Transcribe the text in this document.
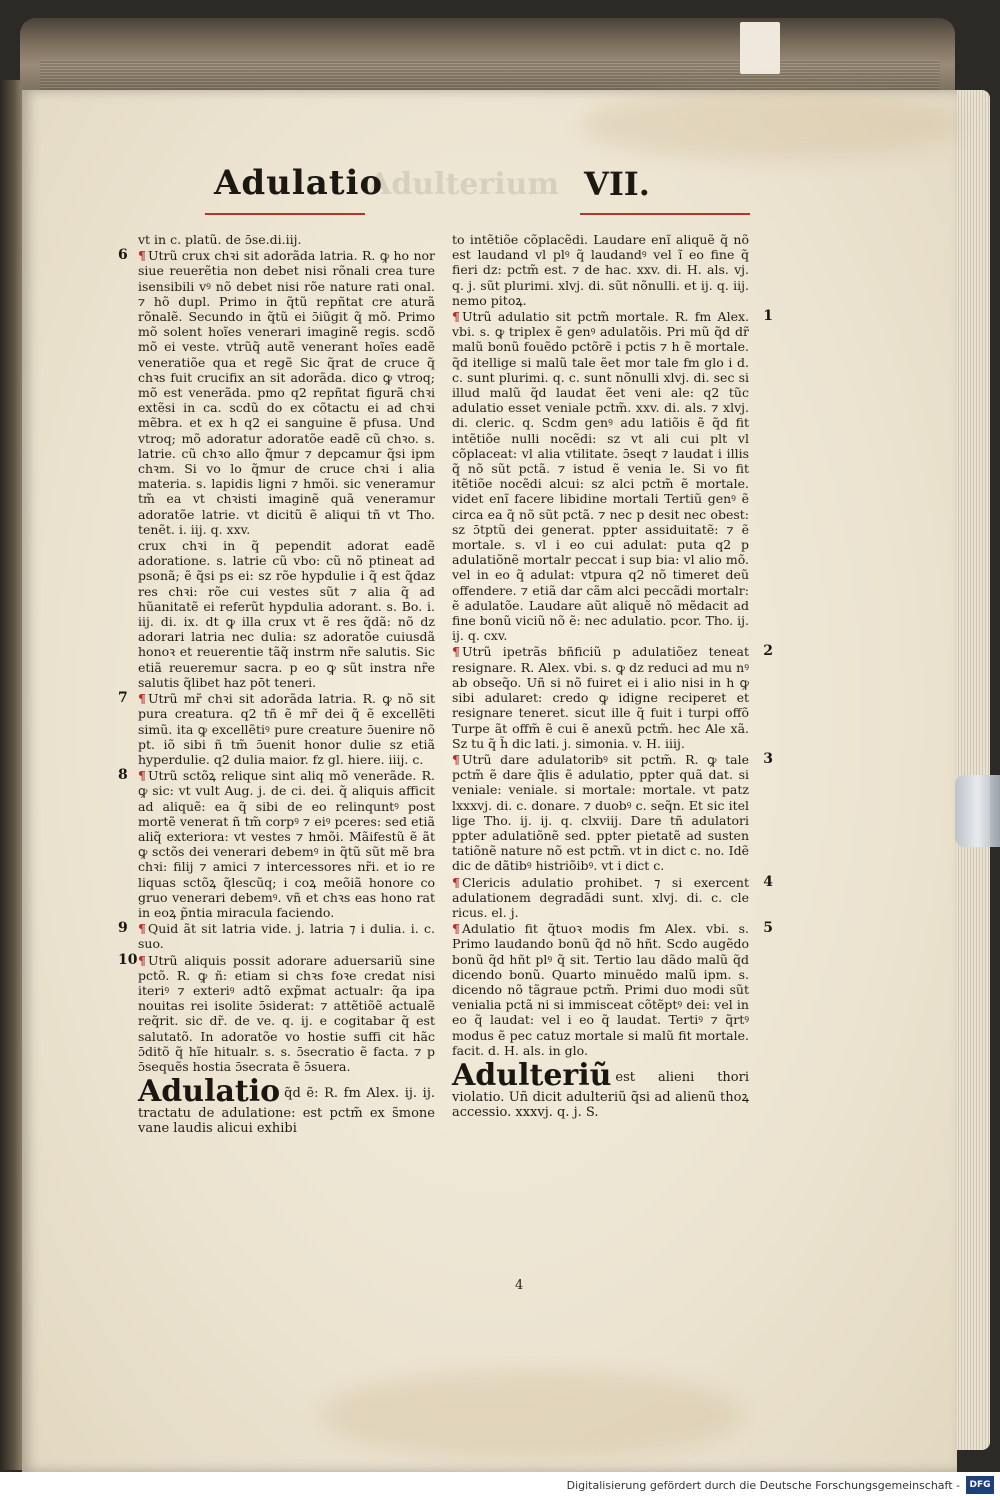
Adulatio
Adulterium VII.

vt in c. platũ. de ɔ̄se.di.iij.

6 ¶ Utrũ crux chꝛi sit adorãda latria. R. ꝙ ho nor siue reuerẽtia non debet nisi rõnali crea ture isensibili vꝰ nõ debet nisi rõe nature rati onal. ⁊ hõ dupl. Primo in q̃tũ repñtat cre aturã rõnalẽ. Secundo in q̃tũ ei ɔ̄iũgit q̃ mõ. Primo mõ solent hoĩes venerari imaginẽ regis. scdõ mõ ei veste. vtrũq̃ autẽ venerant hoĩes eadẽ veneratiõe qua et regẽ Sic q̃rat de cruce q̃ chꝛs fuit crucifix an sit adorãda. dico ꝙ vtroq; mõ est venerãda. pmo q2 repñtat figurã chꝛi extẽsi in ca. scdũ do ex cõtactu ei ad chꝛi mẽbra. et ex h q2 ei sanguine ẽ pfusa. Und vtroq; mõ adoratur adoratõe eadẽ cũ chꝛo. s. latrie. cũ chꝛo allo q̃mur ⁊ depcamur q̃si ipm chꝛm. Si vo lo q̃mur de cruce chꝛi i alia materia. s. lapidis ligni ⁊ hmõi. sic veneramur tm̃ ea vt chꝛisti imaginẽ quã veneramur adoratõe latrie. vt dicitũ ẽ aliqui tñ vt Tho. tenẽt. i. iij. q. xxv.

crux chꝛi in q̃ pependit adorat eadẽ adoratione. s. latrie cũ vbo: cũ nõ ptineat ad psonã; ẽ q̃si ps ei: sz rõe hypdulie i q̃ est q̃daz res chꝛi: rõe cui vestes sũt ⁊ alia q̃ ad hũanitatẽ ei referũt hypdulia adorant. s. Bo. i. iij. di. ix. dt ꝙ illa crux vt ẽ res q̃dã: nõ dz adorari latria nec dulia: sz adoratõe cuiusdã honoꝛ et reuerentie tãq̃ instrm nr̃e salutis. Sic etiã reueremur sacra. p eo ꝙ sũt instra nr̃e salutis q̃libet haz pōt teneri.

7 ¶ Utrũ mr̃ chꝛi sit adorãda latria. R. ꝙ nõ sit pura creatura. q2 tñ ẽ mr̃ dei q̃ ẽ excellẽti simũ. ita ꝙ excellẽtiꝰ pure creature ɔ̄uenire nõ pt. iõ sibi ñ tm̃ ɔ̄uenit honor dulie sz etiã hyperdulie. q2 dulia maior. fz gl. hiere. iiij. c.

8 ¶ Utrũ sctõꝝ relique sint aliq mõ venerãde. R. ꝙ sic: vt vult Aug. j. de ci. dei. q̃ aliquis afficit ad aliquẽ: ea q̃ sibi de eo relinquntꝰ post mortẽ venerat ñ tm̃ corpꝰ ⁊ eiꝰ pceres: sed etiã aliq̃ exteriora: vt vestes ⁊ hmõi. Mãifestũ ẽ ãt ꝙ sctõs dei venerari debemꝰ in q̃tũ sũt mẽ bra chꝛi: filij ⁊ amici ⁊ intercessores nr̃i. et io re liquas sctõꝝ q̃lescũq; i coꝝ meõiã honore co gruo venerari debemꝰ. vñ et chꝛs eas hono rat in eoꝝ p̃ntia miracula faciendo.

9 ¶ Quid ãt sit latria vide. j. latria ⁊ i dulia. i. c. suo.

10 ¶ Utrũ aliquis possit adorare aduersariũ sine pctõ. R. ꝙ ñ: etiam si chꝛs foꝛe credat nisi iteriꝰ ⁊ exteriꝰ adtõ exp̃mat actualr: q̃a ipa nouitas rei isolite ɔ̄siderat: ⁊ attẽtiõẽ actualẽ req̃rit. sic dr̃. de ve. q. ij. e cogitabar q̃ est salutatõ. In adoratõe vo hostie suffi cit hãc ɔ̄ditõ q̃ hĩe hitualr. s. s. ɔ̄secratio ẽ facta. ⁊ p ɔ̄sequẽs hostia ɔ̄secrata ẽ ɔ̄suera.

Adulatio q̃d ẽ: R. fm Alex. ij. ij. tractatu de adulatione: est pctm̃ ex s̃mone vane laudis alicui exhibi

to intẽtiõe cõplacẽdi. Laudare enĩ aliquẽ q̃ nõ est laudand vl plꝰ q̃ laudandꝰ vel ĩ eo fine q̃ fieri dz: pctm̃ est. ⁊ de hac. xxv. di. H. als. vj. q. j. sũt plurimi. xlvj. di. sũt nõnulli. et ij. q. iij. nemo pitoꝝ.

1
¶ Utrũ adulatio sit pctm̃ mortale. R. fm Alex. vbi. s. ꝙ triplex ẽ genꝰ adulatõis. Pri mũ q̃d dr̃ malũ bonũ fouẽdo pctõrẽ i pctis ⁊ h ẽ mortale. q̃d itellige si malũ tale ẽet mor tale fm glo i d. c. sunt plurimi. q. c. sunt nõnulli xlvj. di. sec si illud malũ q̃d laudat ẽet veni ale: q2 tũc adulatio esset veniale pctm̃. xxv. di. als. ⁊ xlvj. di. cleric. q. Scdm genꝰ adu latiõis ẽ q̃d fit intẽtiõe nulli nocẽdi: sz vt ali cui plt vl cõplaceat: vl alia vtilitate. ɔ̄seqt ⁊ laudat i illis q̃ nõ sũt pctã. ⁊ istud ẽ venia le. Si vo fit itẽtiõe nocẽdi alcui: sz alci pctm̃ ẽ mortale. videt enĩ facere libidine mortali Tertiũ genꝰ ẽ circa ea q̃ nõ sũt pctã. ⁊ nec p desit nec obest: sz ɔ̄tptũ dei generat. ppter assiduitatẽ: ⁊ ẽ mortale. s. vl i eo cui adulat: puta q2 p adulatiõnẽ mortalr peccat i sup bia: vl alio mõ. vel in eo q̃ adulat: vtpura q2 nõ timeret deũ offendere. ⁊ etiã dar cãm alci peccãdi mortalr: ẽ adulatõe. Laudare aũt aliquẽ nõ mẽdacit ad fine bonũ viciũ nõ ẽ: nec adulatio. pcor. Tho. ij. ij. q. cxv.

2
¶ Utrũ ipetrãs bñficiũ p adulatiõez teneat resignare. R. Alex. vbi. s. ꝙ dz reduci ad mu nꝰ ab obseq̃o. Uñ si nõ fuiret ei i alio nisi in h ꝙ sibi adularet: credo ꝙ idigne reciperet et resignare teneret. sicut ille q̃ fuit i turpi offõ Turpe ãt offm̃ ẽ cui ẽ anexũ pctm̃. hec Ale xã. Sz tu q̃ h̃ dic lati. j. simonia. v. H. iiij.

3
¶ Utrũ dare adulatoribꝰ sit pctm̃. R. ꝙ tale pctm̃ ẽ dare q̃lis ẽ adulatio, ppter quã dat. si veniale: veniale. si mortale: mortale. vt patz lxxxvj. di. c. donare. ⁊ duobꝰ c. seq̃n. Et sic itel lige Tho. ij. ij. q. clxviij. Dare tñ adulatori ppter adulatiõnẽ sed. ppter pietatẽ ad susten tatiõnẽ nature nõ est pctm̃. vt in dict c. no. Idẽ dic de dãtibꝰ histriõibꝰ. vt i dict c.

4
¶ Clericis adulatio prohibet. ⁊ si exercent adulationem degradãdi sunt. xlvj. di. c. cle ricus. el. j.

5
¶ Adulatio fit q̃tuoꝛ modis fm Alex. vbi. s. Primo laudando bonũ q̃d nõ hñt. Scdo augẽdo bonũ q̃d hñt plꝰ q̃ sit. Tertio lau dãdo malũ q̃d dicendo bonũ. Quarto minuẽdo malũ ipm. s. dicendo nõ tãgraue pctm̃. Primi duo modi sũt venialia pctã ni si immisceat cõtẽptꝰ dei: vel in eo q̃ laudat: vel i eo q̃ laudat. Tertiꝰ ⁊ q̃rtꝰ modus ẽ pec catuz mortale si malũ fit mortale. facit. d. H. als. in glo.

Adulteriũ est alieni thori violatio. Uñ dicit adulteriũ q̃si ad alienũ thoꝝ accessio. xxxvj. q. j. S.

4
Digitalisierung gefördert durch die Deutsche Forschungsgemeinschaft -	DFG
